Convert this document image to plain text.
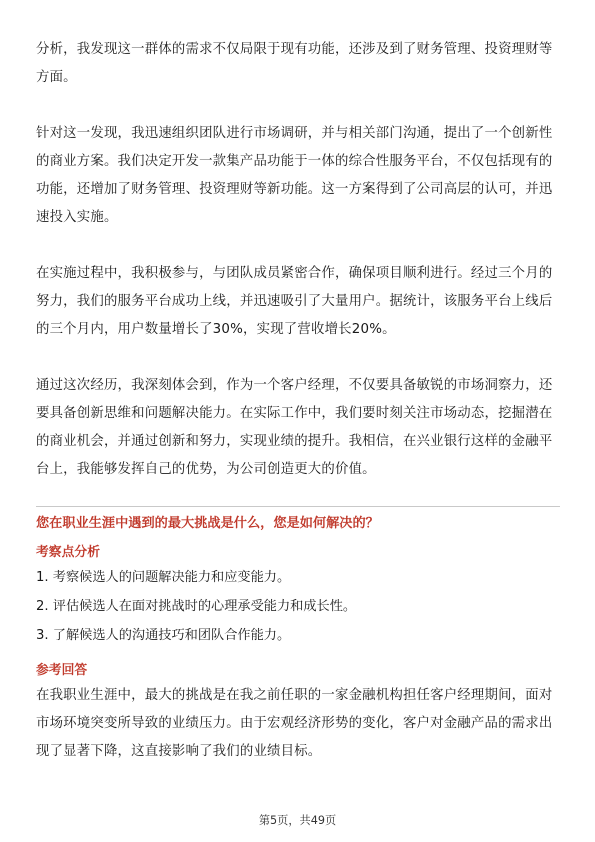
分析，我发现这一群体的需求不仅局限于现有功能，还涉及到了财务管理、投资理财等方面。

针对这一发现，我迅速组织团队进行市场调研，并与相关部门沟通，提出了一个创新性的商业方案。我们决定开发一款集产品功能于一体的综合性服务平台，不仅包括现有的功能，还增加了财务管理、投资理财等新功能。这一方案得到了公司高层的认可，并迅速投入实施。

在实施过程中，我积极参与，与团队成员紧密合作，确保项目顺利进行。经过三个月的努力，我们的服务平台成功上线，并迅速吸引了大量用户。据统计，该服务平台上线后的三个月内，用户数量增长了30%，实现了营收增长20%。

通过这次经历，我深刻体会到，作为一个客户经理，不仅要具备敏锐的市场洞察力，还要具备创新思维和问题解决能力。在实际工作中，我们要时刻关注市场动态，挖掘潜在的商业机会，并通过创新和努力，实现业绩的提升。我相信，在兴业银行这样的金融平台上，我能够发挥自己的优势，为公司创造更大的价值。

您在职业生涯中遇到的最大挑战是什么，您是如何解决的？

考察点分析

1. 考察候选人的问题解决能力和应变能力。

2. 评估候选人在面对挑战时的心理承受能力和成长性。

3. 了解候选人的沟通技巧和团队合作能力。

参考回答

在我职业生涯中，最大的挑战是在我之前任职的一家金融机构担任客户经理期间，面对市场环境突变所导致的业绩压力。由于宏观经济形势的变化，客户对金融产品的需求出现了显著下降，这直接影响了我们的业绩目标。

第5页，共49页
